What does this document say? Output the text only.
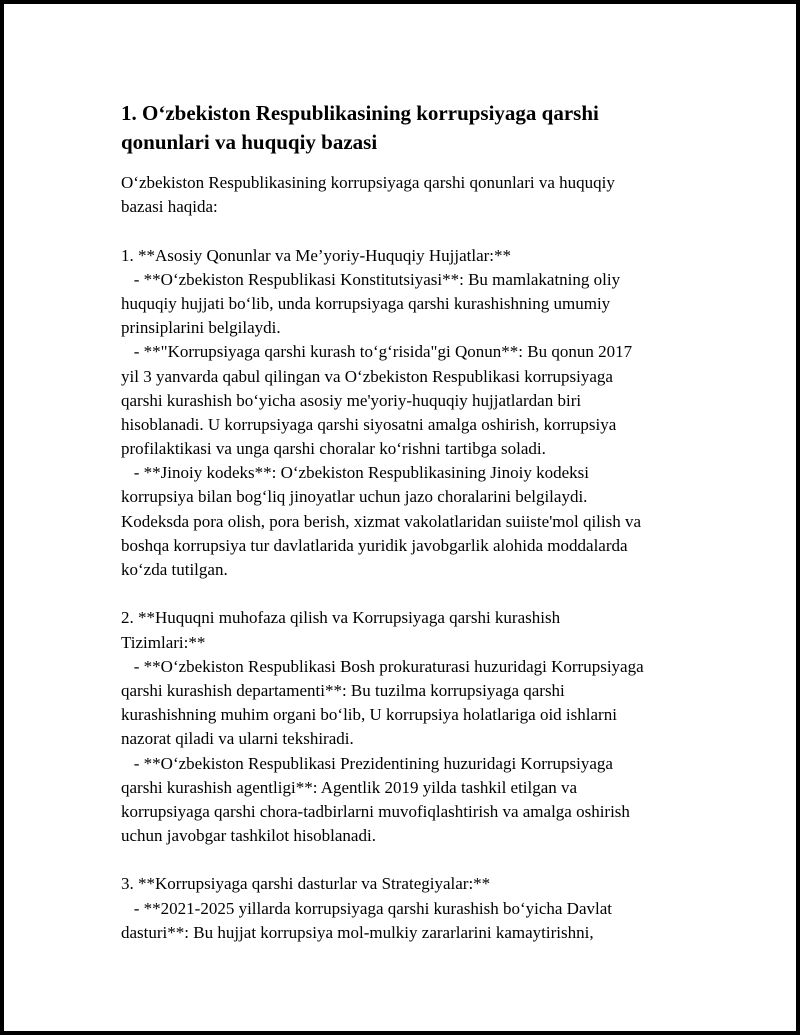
1. Oʻzbekiston Respublikasining korrupsiyaga qarshi qonunlari va huquqiy bazasi
Oʻzbekiston Respublikasining korrupsiyaga qarshi qonunlari va huquqiy
bazasi haqida:
1. **Asosiy Qonunlar va Me’yoriy-Huquqiy Hujjatlar:**
- **Oʻzbekiston Respublikasi Konstitutsiyasi**: Bu mamlakatning oliy
huquqiy hujjati boʻlib, unda korrupsiyaga qarshi kurashishning umumiy
prinsiplarini belgilaydi.
- **"Korrupsiyaga qarshi kurash toʻgʻrisida"gi Qonun**: Bu qonun 2017
yil 3 yanvarda qabul qilingan va Oʻzbekiston Respublikasi korrupsiyaga
qarshi kurashish boʻyicha asosiy me'yoriy-huquqiy hujjatlardan biri
hisoblanadi. U korrupsiyaga qarshi siyosatni amalga oshirish, korrupsiya
profilaktikasi va unga qarshi choralar koʻrishni tartibga soladi.
- **Jinoiy kodeks**: Oʻzbekiston Respublikasining Jinoiy kodeksi
korrupsiya bilan bogʻliq jinoyatlar uchun jazo choralarini belgilaydi.
Kodeksda pora olish, pora berish, xizmat vakolatlaridan suiiste'mol qilish va
boshqa korrupsiya tur davlatlarida yuridik javobgarlik alohida moddalarda
koʻzda tutilgan.
2. **Huquqni muhofaza qilish va Korrupsiyaga qarshi kurashish
Tizimlari:**
- **Oʻzbekiston Respublikasi Bosh prokuraturasi huzuridagi Korrupsiyaga
qarshi kurashish departamenti**: Bu tuzilma korrupsiyaga qarshi
kurashishning muhim organi boʻlib, U korrupsiya holatlariga oid ishlarni
nazorat qiladi va ularni tekshiradi.
- **Oʻzbekiston Respublikasi Prezidentining huzuridagi Korrupsiyaga
qarshi kurashish agentligi**: Agentlik 2019 yilda tashkil etilgan va
korrupsiyaga qarshi chora-tadbirlarni muvofiqlashtirish va amalga oshirish
uchun javobgar tashkilot hisoblanadi.
3. **Korrupsiyaga qarshi dasturlar va Strategiyalar:**
- **2021-2025 yillarda korrupsiyaga qarshi kurashish boʻyicha Davlat
dasturi**: Bu hujjat korrupsiya mol-mulkiy zararlarini kamaytirishni,
